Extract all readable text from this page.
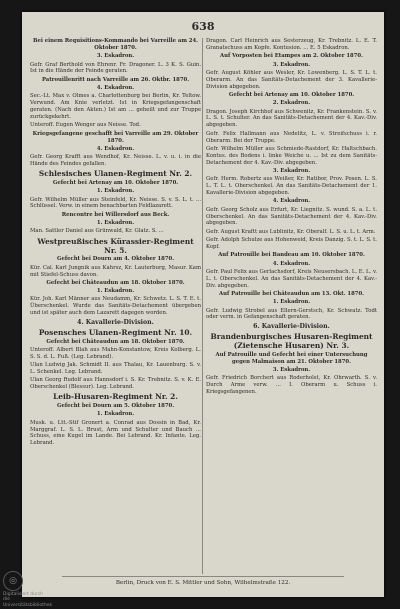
638
Bei einem Requisitions-Kommando bei Varreille am 24. Oktober 1870.
3. Eskadron.
Gefr. Graf Berthold von Ehrenr. Fr. Dragoner. L. 3 K. S. Guin. Ist in die Hände der Feinde geraten.
Patrouillenritt nach Varreille am 26. Oktbr. 1870.
4. Eskadron.
Sec.-Lt. Max v. Olmes a. Charlottenburg bei Berlin, Kr. Teltow. Verwund. Am Knie verletzt. Ist in Kriegsgefangenschaft geraten. (Nach den Akten.) Ist am ... geheilt und zur Truppe zurückgekehrt.
Unteroff. Eugen Wenger aus Neisse. Tod.
Kriegsgefangene geschafft bei Varreille am 29. Oktober 1870.
4. Eskadron.
Gefr. Georg Krafft aus Wendhof, Kr. Neisse. L. v. u. i. in die Hände des Feindes gefallen.
Schlesisches Ulanen-Regiment Nr. 2.
Gefecht bei Artenay am 10. Oktober 1870.
1. Eskadron.
Gefr. Wilhelm Müller aus Steinfeld, Kr. Neisse. S. v. S. L. t. ... Schlüssel. Verw. in einem benachbarten Feldlazarett.
Rencontre bei Willersdorf aus Beck.
1. Eskadron.
Man. Sattler Daniel aus Grünwald, Kr. Glatz. S. ...
Westpreußisches Kürassier-Regiment Nr. 5.
Gefecht bei Dourn am 4. Oktober 1870.
Kür. Cal. Karl Jungnik aus Kahrsz, Kr. Lauterburg, Masur. Kam mit Stiefel-Schuss davon.
Gefecht bei Châteaudun am 18. Oktober 1870.
1. Eskadron.
Kür. Joh. Karl Männer aus Neudamm, Kr. Schwetz. L. S. T. E. t. Überschenkel. Wurde das Sanitäts-Detachement übergeben und ist später auch dem Lazarett dagegen worden.
4. Kavallerie-Division.
Posensches Ulanen-Regiment Nr. 10.
Gefecht bei Châteaudun am 18. Oktober 1870.
Unteroff. Albert Blah aus Mahn-Konstantow, Kreis Kolberg. L. S. S. d. L. Fuß. (Leg. Lebrand).
Ulan Ludwig Jak. Schmidt II. aus Thalau, Kr. Lauenburg. S. v. L. Schenkel. Leg. Lebrand.
Ulan Georg Rudolf aus Hannsdorf i. S. Kr. Trebnitz. S. v. K. E. Oberschenkel (Blessur). Leg. Lebrand.
Leib-Husaren-Regiment Nr. 2.
Gefecht bei Dourn am 5. Oktober 1870.
1. Eskadron.
Musk. u. Ltt.-Stif Gronert a. Conrad aus Dossin in Bad, Kr. Marggraf. L. S. L. Brust, Arm und Schulter und Bauch ... Schuss, eine Kugel im Lande. Bei Lebrand. Kr. Infante. Leg. Lebrand.
Dragon. Carl Heinrich aus Sesterzeug, Kr. Trebnitz. L. E. T. Granatschuss am Kopfe. Kontusion. ... E. 5 Eskadron.
Auf Vorposten bei Etampes am 2. Oktober 1870.
3. Eskadron.
Gefr. August Köhler aus Wesler, Kr. Lowenberg. L. S. T. L. t. Oberarm. An das Sanitäts-Detachement der 3. Kavallerie-Division abgegeben.
Gefecht bei Artenay am 10. Oktober 1870.
2. Eskadron.
Dragon. Joseph Kirchhof aus Schwenitz, Kr. Frankenstein. S. v. L. S. t. Schulter. An das Sanitäts-Detachement der 4. Kav.-Div. abgegeben.
Gefr. Felix Hallmann aus Nedelitz, L. v. Streifschuss i. r. Oberarm. Bei der Truppe.
Gefr. Wilhelm Müller aus Schmiede-Rastdorf, Kr. Haltschbach. Kontus. des Bodens i. linke Weiche u. ... Ist zu dem Sanitäts-Detachement der 4. Kav.-Div. abgegeben.
3. Eskadron.
Gefr. Herm. Robertz aus Weißer, Kr. Ratibor, Prov. Posen. L. S. L. T. L. t. Oberschenkel. An das Sanitäts-Detachement der 1. Kavallerie-Division abgegeben.
4. Eskadron.
Gefr. Georg Scholz aus Erfurt, Kr. Liegnitz. S. wund. S. a. L. t. Oberschenkel. An das Sanitäts-Detachement der 4. Kav.-Div. abgegeben.
Gefr. August Kraftt aus Lublinitz, Kr. Oberalf. L. S. u. L. t. Arm.
Gefr. Adolph Schulze aus Hohenweid, Kreis Danzig. S. t. L. S. t. Kopf.
Auf Patrouille bei Bandeau am 10. Oktober 1870.
4. Eskadron.
Gefr. Paul Felix aus Gerlachsdorf, Kreis Neusersbach. L. E. L. v. L. t. Oberschenkel. An das Sanitäts-Detachement der 4. Kav.-Div. abgegeben.
Auf Patrouille bei Châteaudun am 13. Okt. 1870.
1. Eskadron.
Gefr. Ludwig Strobel aus Ellern-Gerstsch, Kr. Schwatz. Todt oder verm. in Gefangenschaft geraten.
6. Kavallerie-Division.
Brandenburgisches Husaren-Regiment (Zietensche Husaren) Nr. 3.
Auf Patrouille und Gefecht bei einer Untersuchung gegen Malmaison am 21. Oktober 1870.
3. Eskadron.
Gefr. Friedrich Borchert aus Roderholst, Kr. Ohrwarth. S. v. Durch Arme verw. ... I. Oberarm u. Schuss i. Kriegsgefangenen.
Berlin, Druck von E. S. Mittler und Sohn, Wilhelmstraße 122.
◎
Digitalisiert durch die Universitätsbibliothek
